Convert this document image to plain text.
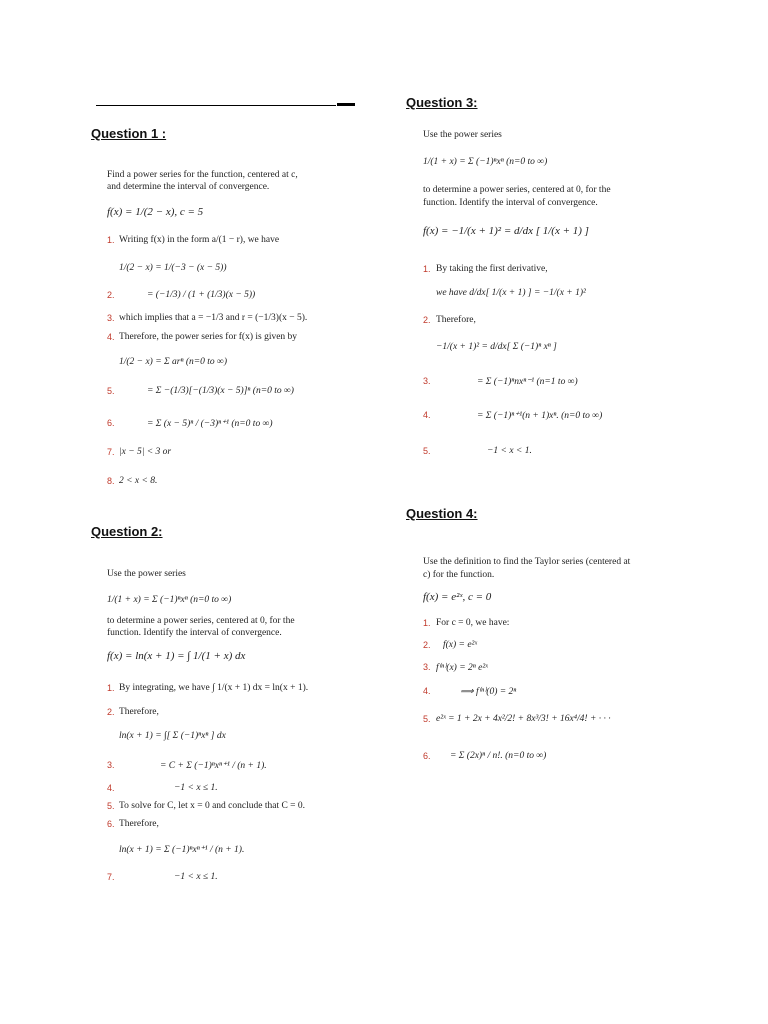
Question 1 :
Find a power series for the function, centered at c,
and determine the interval of convergence.
f(x) = 1/(2 − x), c = 5
1. Writing f(x) in the form a/(1 − r), we have
1/(2 − x) = 1/(−3 − (x − 5))
2.	= (−1/3) / (1 + (1/3)(x − 5))
3. which implies that a = −1/3 and r = (−1/3)(x − 5).
4. Therefore, the power series for f(x) is given by
1/(2 − x) = Σ arⁿ (n=0 to ∞)
5.	= Σ −(1/3)[−(1/3)(x − 5)]ⁿ (n=0 to ∞)
6.	= Σ (x − 5)ⁿ / (−3)ⁿ⁺¹ (n=0 to ∞)
7. |x − 5| < 3 or
8. 2 < x < 8.
Question 2:
Use the power series
1/(1 + x) = Σ (−1)ⁿxⁿ (n=0 to ∞)
to determine a power series, centered at 0, for the
function. Identify the interval of convergence.
f(x) = ln(x + 1) = ∫ 1/(1 + x) dx
1. By integrating, we have ∫ 1/(x + 1) dx = ln(x + 1).
2. Therefore,
ln(x + 1) = ∫[ Σ (−1)ⁿxⁿ ] dx
3.	= C + Σ (−1)ⁿxⁿ⁺¹ / (n + 1).
4.	−1 < x ≤ 1.
5. To solve for C, let x = 0 and conclude that C = 0.
6. Therefore,
ln(x + 1) = Σ (−1)ⁿxⁿ⁺¹ / (n + 1).
7.	−1 < x ≤ 1.
Question 3:
Use the power series
1/(1 + x) = Σ (−1)ⁿxⁿ (n=0 to ∞)
to determine a power series, centered at 0, for the
function. Identify the interval of convergence.
f(x) = −1/(x + 1)² = d/dx [ 1/(x + 1) ]
1. By taking the first derivative,
we have d/dx[ 1/(x + 1) ] = −1/(x + 1)²
2. Therefore,
−1/(x + 1)² = d/dx[ Σ (−1)ⁿ xⁿ ]
3.	= Σ (−1)ⁿnxⁿ⁻¹ (n=1 to ∞)
4.	= Σ (−1)ⁿ⁺¹(n + 1)xⁿ. (n=0 to ∞)
5.	−1 < x < 1.
Question 4:
Use the definition to find the Taylor series (centered at
c) for the function.
f(x) = e²ˣ, c = 0
1. For c = 0, we have:
2. f(x) = e²ˣ
3. f⁽ⁿ⁾(x) = 2ⁿ e²ˣ
4.	⟹ f⁽ⁿ⁾(0) = 2ⁿ
5. e²ˣ = 1 + 2x + 4x²/2! + 8x³/3! + 16x⁴/4! + · · ·
6. = Σ (2x)ⁿ / n!. (n=0 to ∞)
